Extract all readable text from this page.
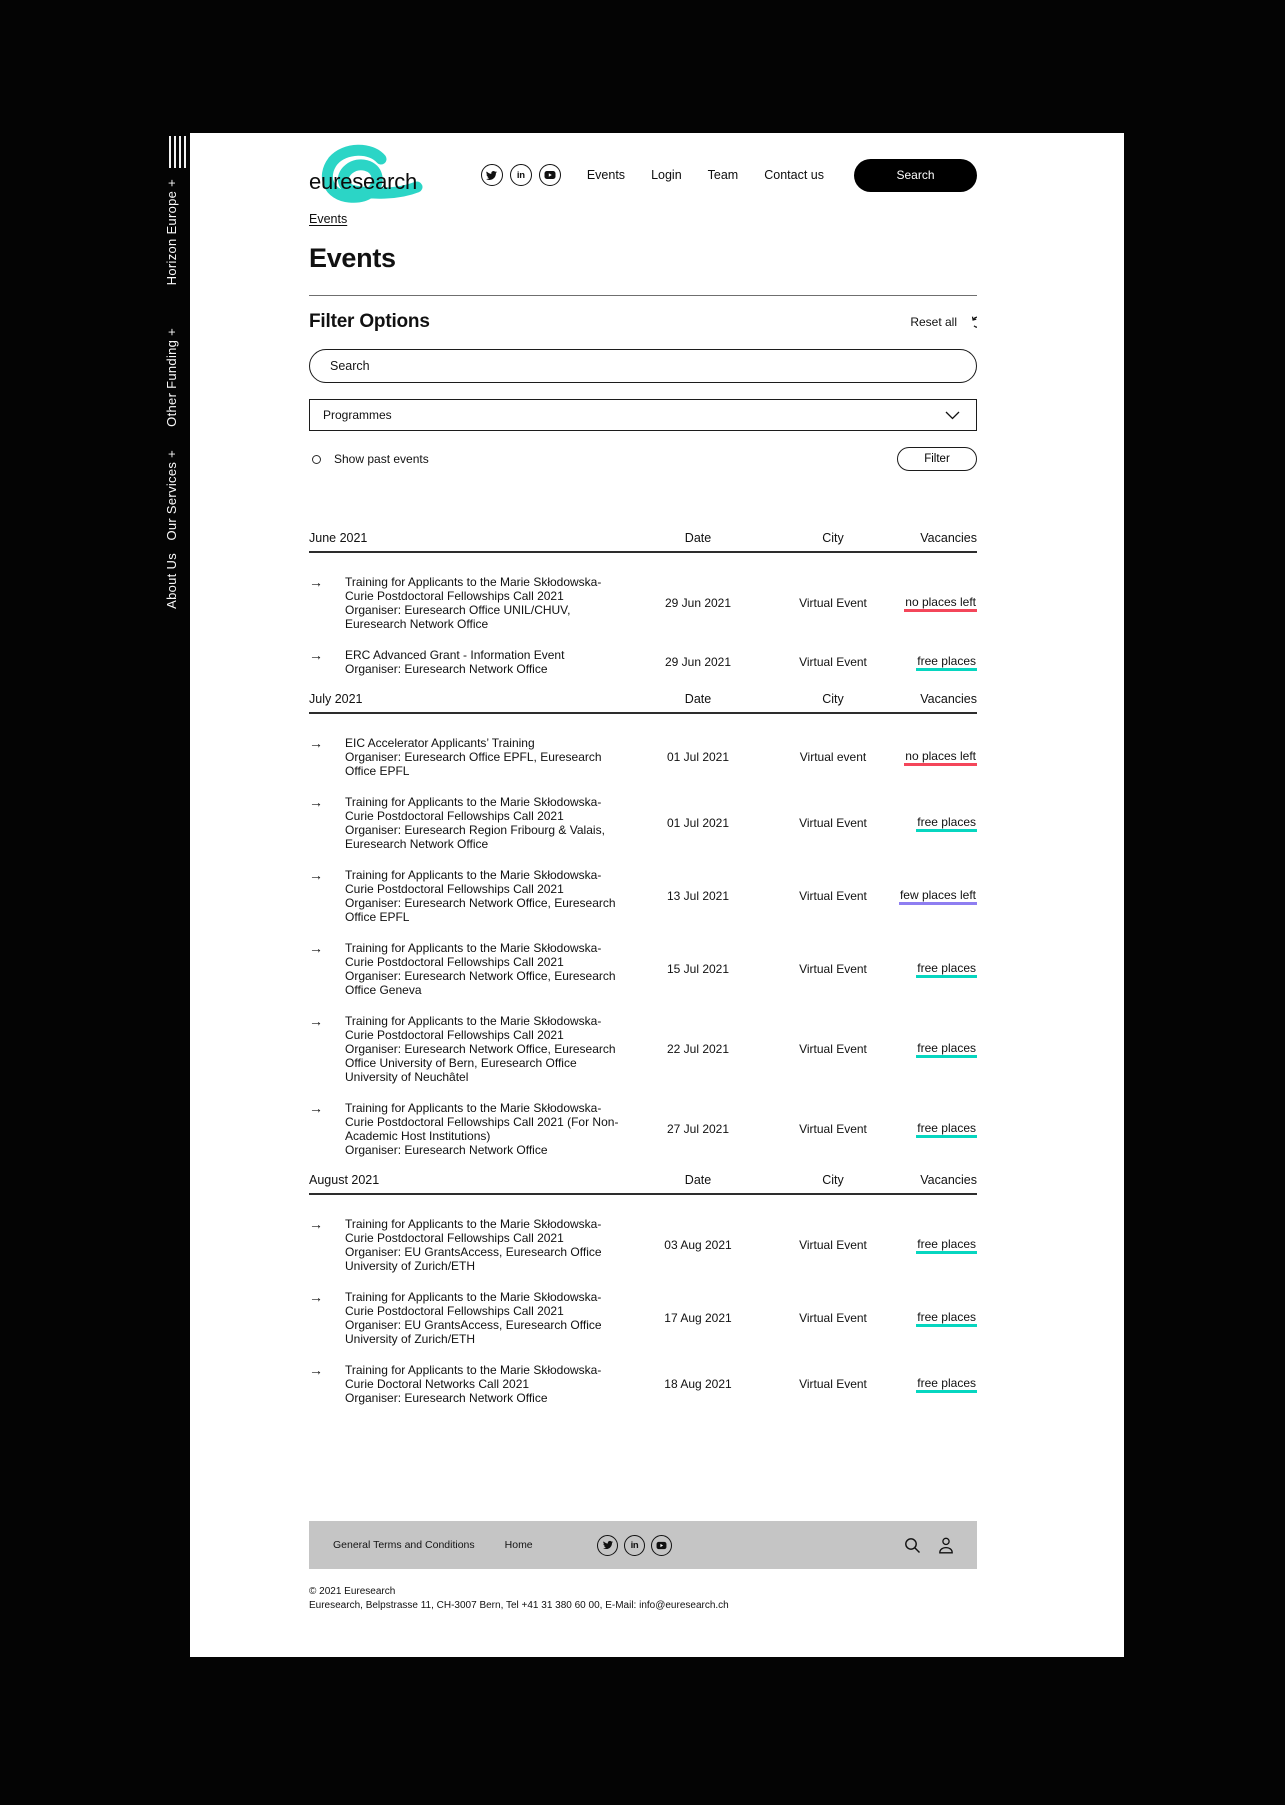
Horizon Europe +
Other Funding +
Our Services +
About Us
euresearch	in	Events Login Team Contact us	Search
Events
Events
Filter Options	Reset all
Search
Programmes
Show past events	Filter
June 2021	Date	City	Vacancies
→	Training for Applicants to the Marie Skłodowska-Curie Postdoctoral Fellowships Call 2021
Organiser: Euresearch Office UNIL/CHUV, Euresearch Network Office
29 Jun 2021	Virtual Event	no places left
→	ERC Advanced Grant - Information Event
Organiser: Euresearch Network Office	29 Jun 2021	Virtual Event	free places
July 2021	Date	City	Vacancies
→	EIC Accelerator Applicants’ Training
Organiser: Euresearch Office EPFL, Euresearch Office EPFL
01 Jul 2021	Virtual event	no places left
→	Training for Applicants to the Marie Skłodowska-Curie Postdoctoral Fellowships Call 2021
Organiser: Euresearch Region Fribourg & Valais, Euresearch Network Office
01 Jul 2021	Virtual Event	free places
→	Training for Applicants to the Marie Skłodowska-Curie Postdoctoral Fellowships Call 2021
Organiser: Euresearch Network Office, Euresearch Office EPFL
13 Jul 2021	Virtual Event	few places left
→	Training for Applicants to the Marie Skłodowska-Curie Postdoctoral Fellowships Call 2021
Organiser: Euresearch Network Office, Euresearch Office Geneva
15 Jul 2021	Virtual Event	free places
→	Training for Applicants to the Marie Skłodowska-Curie Postdoctoral Fellowships Call 2021
Organiser: Euresearch Network Office, Euresearch Office University of Bern, Euresearch Office University of Neuchâtel
22 Jul 2021	Virtual Event	free places
→	Training for Applicants to the Marie Skłodowska-Curie Postdoctoral Fellowships Call 2021 (For Non-Academic Host Institutions)
Organiser: Euresearch Network Office
27 Jul 2021	Virtual Event	free places
August 2021	Date	City	Vacancies
→	Training for Applicants to the Marie Skłodowska-Curie Postdoctoral Fellowships Call 2021
Organiser: EU GrantsAccess, Euresearch Office University of Zurich/ETH
03 Aug 2021	Virtual Event	free places
→	Training for Applicants to the Marie Skłodowska-Curie Postdoctoral Fellowships Call 2021
Organiser: EU GrantsAccess, Euresearch Office University of Zurich/ETH
17 Aug 2021	Virtual Event	free places
→	Training for Applicants to the Marie Skłodowska-Curie Doctoral Networks Call 2021
Organiser: Euresearch Network Office
18 Aug 2021	Virtual Event	free places
General Terms and Conditions	Home	in
© 2021 Euresearch
Euresearch, Belpstrasse 11, CH-3007 Bern, Tel +41 31 380 60 00, E-Mail: info@euresearch.ch
